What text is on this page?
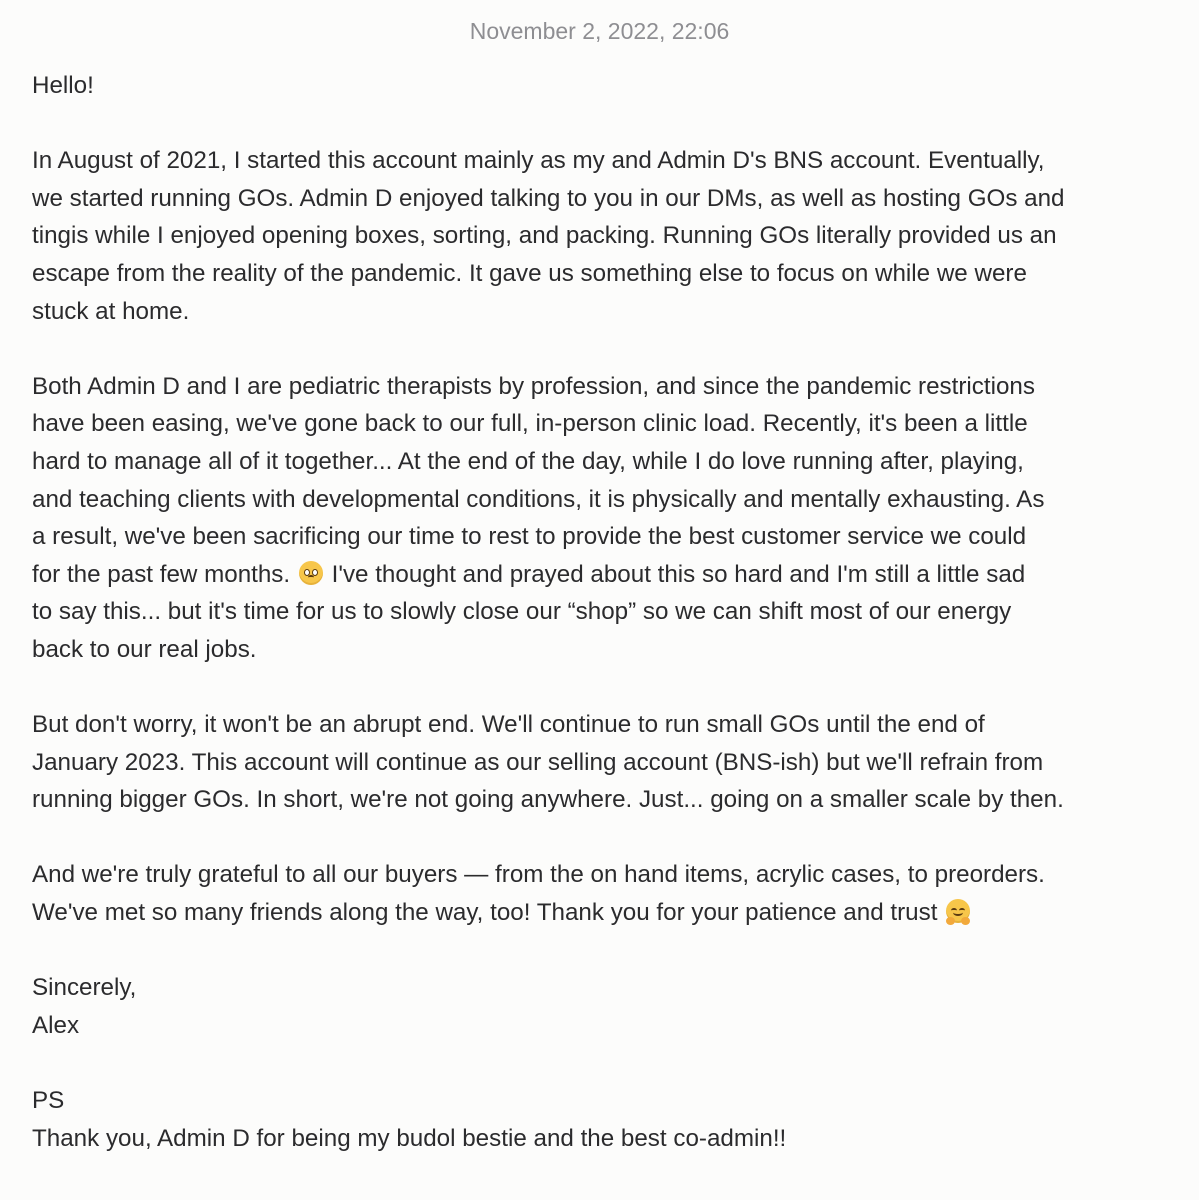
November 2, 2022, 22:06

Hello!

In August of 2021, I started this account mainly as my and Admin D's BNS account. Eventually,
we started running GOs. Admin D enjoyed talking to you in our DMs, as well as hosting GOs and
tingis while I enjoyed opening boxes, sorting, and packing. Running GOs literally provided us an
escape from the reality of the pandemic. It gave us something else to focus on while we were
stuck at home.

Both Admin D and I are pediatric therapists by profession, and since the pandemic restrictions
have been easing, we've gone back to our full, in-person clinic load. Recently, it's been a little
hard to manage all of it together... At the end of the day, while I do love running after, playing,
and teaching clients with developmental conditions, it is physically and mentally exhausting. As
a result, we've been sacrificing our time to rest to provide the best customer service we could
for the past few months. I've thought and prayed about this so hard and I'm still a little sad
to say this... but it's time for us to slowly close our “shop” so we can shift most of our energy
back to our real jobs.

But don't worry, it won't be an abrupt end. We'll continue to run small GOs until the end of
January 2023. This account will continue as our selling account (BNS-ish) but we'll refrain from
running bigger GOs. In short, we're not going anywhere. Just... going on a smaller scale by then.

And we're truly grateful to all our buyers — from the on hand items, acrylic cases, to preorders.
We've met so many friends along the way, too! Thank you for your patience and trust

Sincerely,
Alex

PS
Thank you, Admin D for being my budol bestie and the best co-admin!!
